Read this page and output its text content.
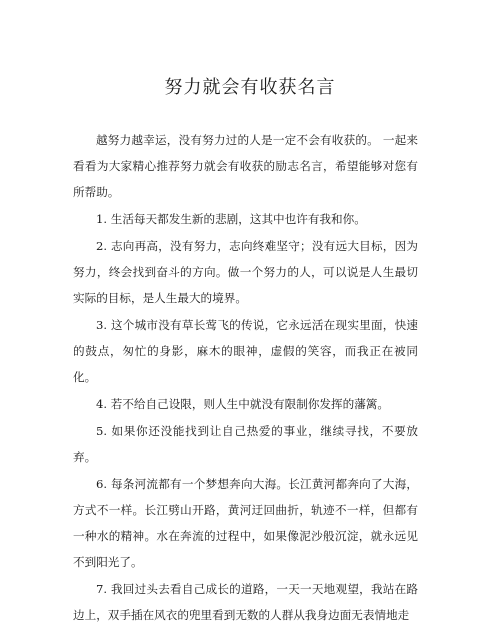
努力就会有收获名言

越努力越幸运，没有努力过的人是一定不会有收获的。 一起来看看为大家精心推荐努力就会有收获的励志名言，希望能够对您有所帮助。

1. 生活每天都发生新的悲剧，这其中也许有我和你。

2. 志向再高，没有努力，志向终难坚守；没有远大目标，因为努力，终会找到奋斗的方向。做一个努力的人，可以说是人生最切实际的目标，是人生最大的境界。

3. 这个城市没有草长莺飞的传说，它永远活在现实里面，快速的鼓点，匆忙的身影，麻木的眼神，虚假的笑容，而我正在被同化。

4. 若不给自己设限，则人生中就没有限制你发挥的藩篱。

5. 如果你还没能找到让自己热爱的事业，继续寻找，不要放弃。

6. 每条河流都有一个梦想奔向大海。长江黄河都奔向了大海，方式不一样。长江劈山开路，黄河迂回曲折，轨迹不一样，但都有一种水的精神。水在奔流的过程中，如果像泥沙般沉淀，就永远见不到阳光了。

7. 我回过头去看自己成长的道路，一天一天地观望，我站在路边上，双手插在风衣的兜里看到无数的人群从我身边面无表情地走
